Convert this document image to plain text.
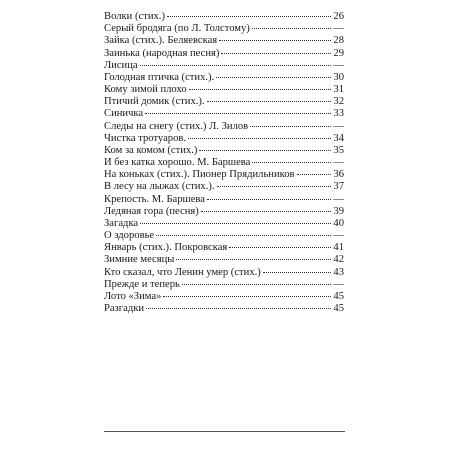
Волки (стих.)	26
Серый бродяга (по Л. Толстому)	—
Зайка (стих.). Беляевская	28
Заинька (народная песня)	29
Лисица	—
Голодная птичка (стих.).	30
Кому зимой плохо	31
Птичий домик (стих.).	32
Синичка	33
Следы на снегу (стих.) Л. Зилов	—
Чистка тротуаров.	34
Ком за комом (стих.)	35
И без катка хорошо. М. Баршева	—
На коньках (стих.). Пионер Прядильников	36
В лесу на лыжах (стих.).	37
Крепость. М. Баршева	—
Ледяная гора (песня)	39
Загадка	40
О здоровье	—
Январь (стих.). Покровская	41
Зимние месяцы	42
Кто сказал, что Ленин умер (стих.)	43
Прежде и теперь	—
Лото «Зима»	45
Разгадки	45
